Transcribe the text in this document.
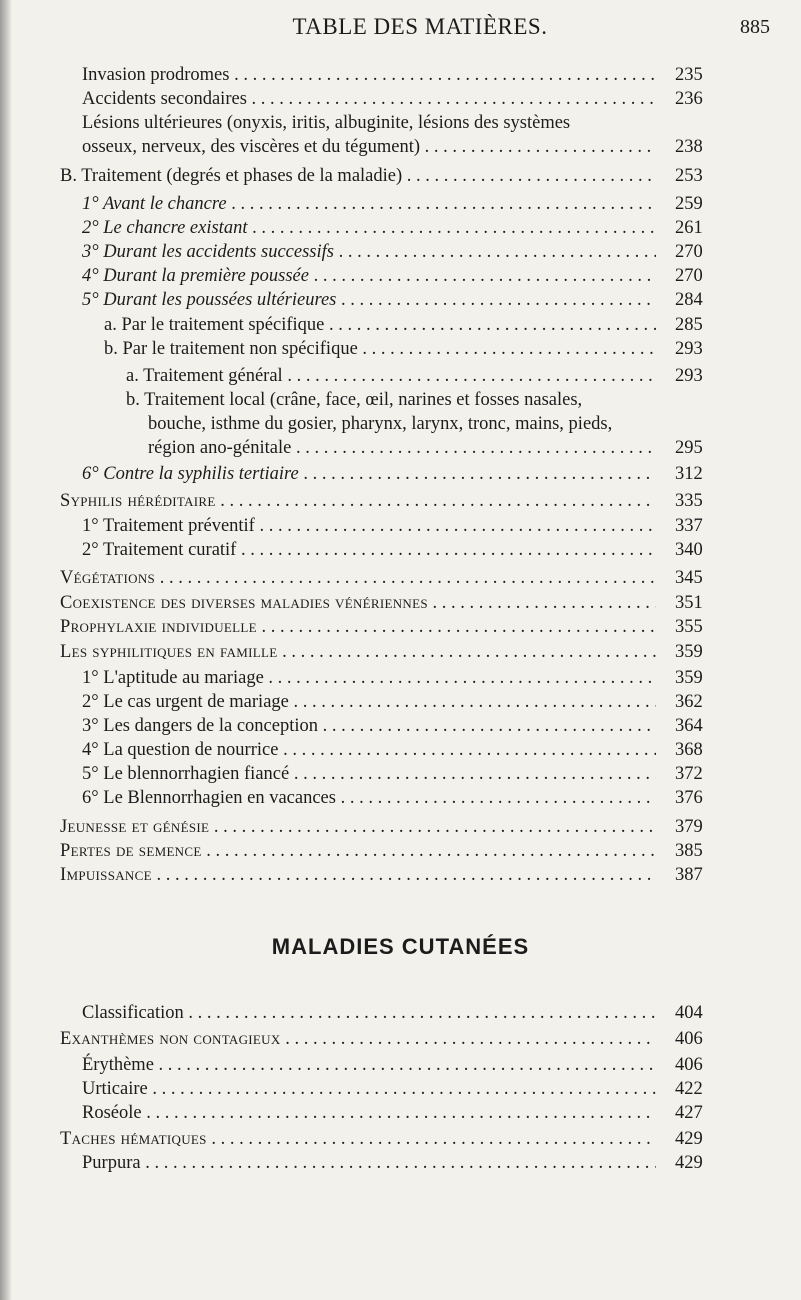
TABLE DES MATIÈRES.	885
Invasion prodromes . . .	235
Accidents secondaires . . .	236
Lésions ultérieures (onyxis, iritis, albuginite, lésions des systèmes
osseux, nerveux, des viscères et du tégument) . . .	238
B. Traitement (degrés et phases de la maladie) . . .	253
1° Avant le chancre . . .	259
2° Le chancre existant . . .	261
3° Durant les accidents successifs . . .	270
4° Durant la première poussée . . .	270
5° Durant les poussées ultérieures . . .	284
a. Par le traitement spécifique . . .	285
b. Par le traitement non spécifique . . .	293
a. Traitement général . . .	293
b. Traitement local (crâne, face, œil, narines et fosses nasales,
bouche, isthme du gosier, pharynx, larynx, tronc, mains, pieds,
région ano-génitale . . .	295
6° Contre la syphilis tertiaire . . .	312
Syphilis héréditaire . . .	335
1° Traitement préventif . . .	337
2° Traitement curatif . . .	340
Végétations . . .	345
Coexistence des diverses maladies vénériennes . . .	351
Prophylaxie individuelle . . .	355
Les syphilitiques en famille . . .	359
1° L'aptitude au mariage . . .	359
2° Le cas urgent de mariage . . .	362
3° Les dangers de la conception . . .	364
4° La question de nourrice . . .	368
5° Le blennorrhagien fiancé . . .	372
6° Le Blennorrhagien en vacances . . .	376
Jeunesse et génésie . . .	379
Pertes de semence . . .	385
Impuissance . . .	387
Classification . . .	404
Exanthèmes non contagieux . . .	406
Érythème . . .	406
Urticaire . . .	422
Roséole . . .	427
Taches hématiques . . .	429
Purpura . . .	429
MALADIES CUTANÉES
